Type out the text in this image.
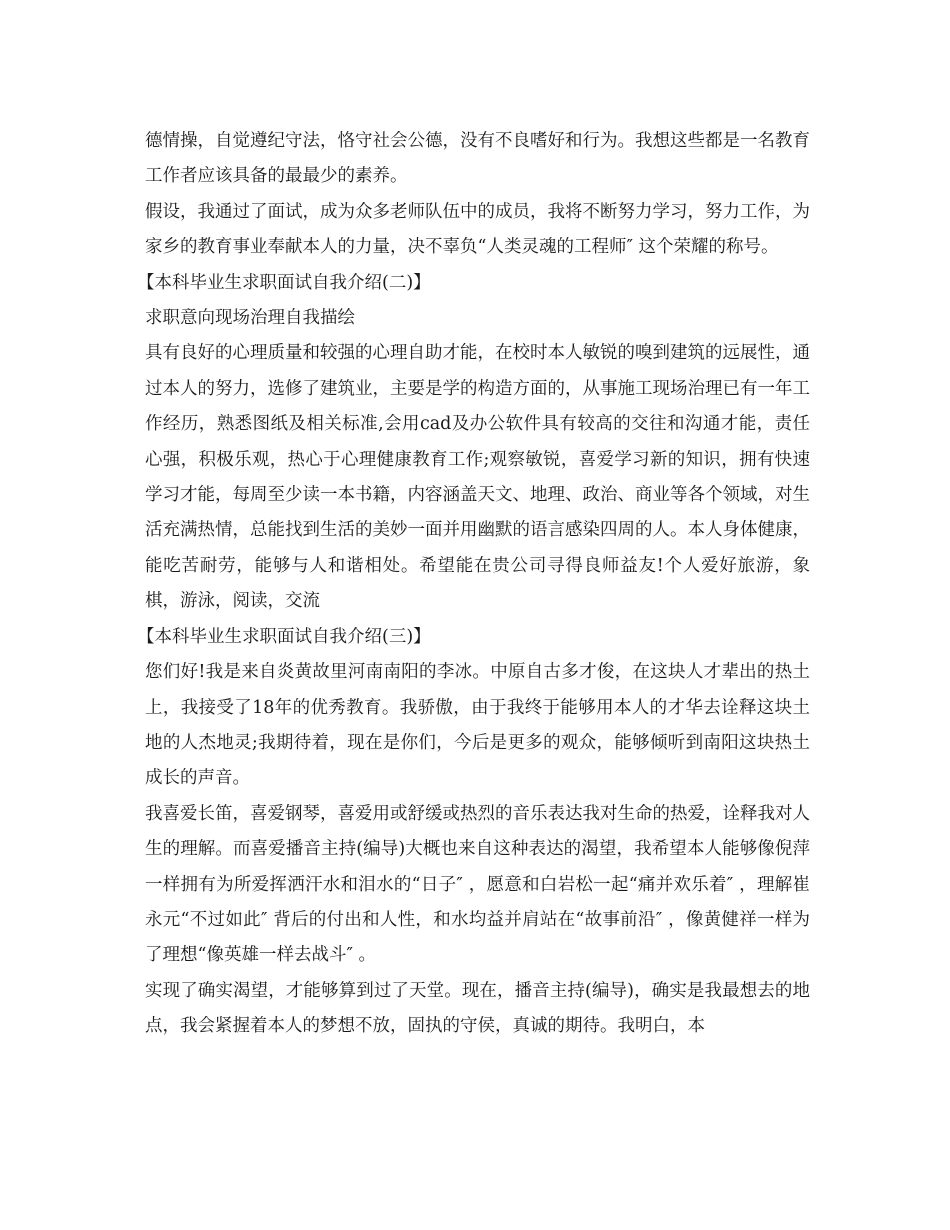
德情操，自觉遵纪守法，恪守社会公德，没有不良嗜好和行为。我想这些都是一名教育工作者应该具备的最最少的素养。

假设，我通过了面试，成为众多老师队伍中的成员，我将不断努力学习，努力工作，为家乡的教育事业奉献本人的力量，决不辜负“人类灵魂的工程师″ 这个荣耀的称号。

【本科毕业生求职面试自我介绍(二)】

求职意向现场治理自我描绘

具有良好的心理质量和较强的心理自助才能，在校时本人敏锐的嗅到建筑的远展性，通过本人的努力，选修了建筑业，主要是学的构造方面的，从事施工现场治理已有一年工作经历，熟悉图纸及相关标准,会用cad及办公软件具有较高的交往和沟通才能，责任心强，积极乐观，热心于心理健康教育工作;观察敏锐，喜爱学习新的知识，拥有快速学习才能，每周至少读一本书籍，内容涵盖天文、地理、政治、商业等各个领域，对生活充满热情，总能找到生活的美妙一面并用幽默的语言感染四周的人。本人身体健康，能吃苦耐劳，能够与人和谐相处。希望能在贵公司寻得良师益友!个人爱好旅游，象棋，游泳，阅读，交流

【本科毕业生求职面试自我介绍(三)】

您们好!我是来自炎黄故里河南南阳的李冰。中原自古多才俊，在这块人才辈出的热土上，我接受了18年的优秀教育。我骄傲，由于我终于能够用本人的才华去诠释这块土地的人杰地灵;我期待着，现在是你们，今后是更多的观众，能够倾听到南阳这块热土成长的声音。

我喜爱长笛，喜爱钢琴，喜爱用或舒缓或热烈的音乐表达我对生命的热爱，诠释我对人生的理解。而喜爱播音主持(编导)大概也来自这种表达的渴望，我希望本人能够像倪萍一样拥有为所爱挥洒汗水和泪水的“日子″ ，愿意和白岩松一起“痛并欢乐着″ ，理解崔永元“不过如此″ 背后的付出和人性，和水均益并肩站在“故事前沿″ ，像黄健祥一样为了理想“像英雄一样去战斗″ 。

实现了确实渴望，才能够算到过了天堂。现在，播音主持(编导)，确实是我最想去的地点，我会紧握着本人的梦想不放，固执的守侯，真诚的期待。我明白，本
